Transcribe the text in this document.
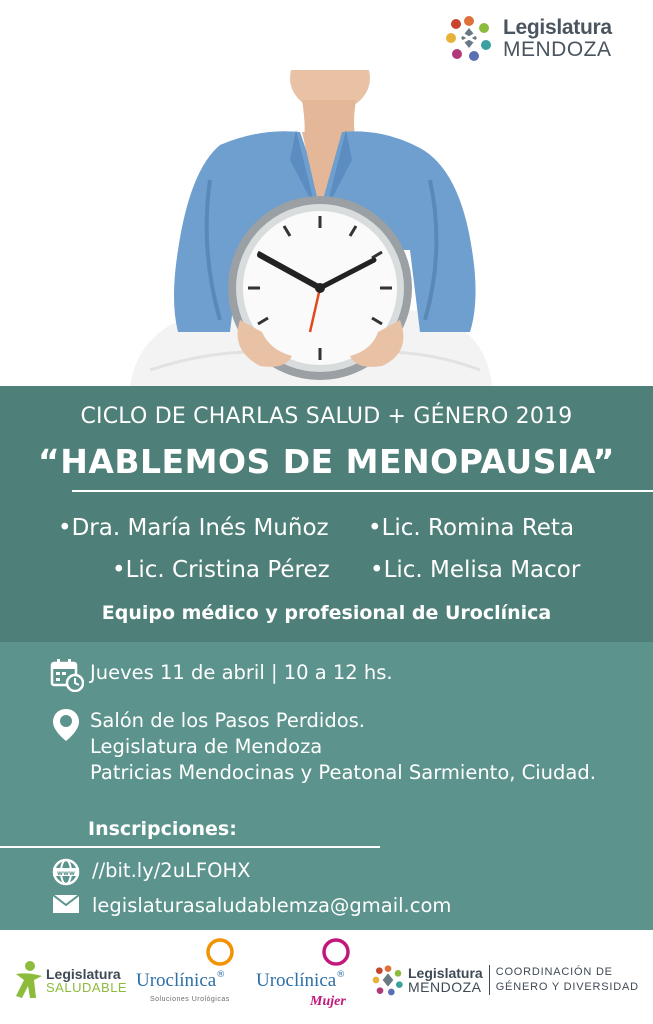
Legislatura
MENDOZA
CICLO DE CHARLAS SALUD + GÉNERO 2019
“HABLEMOS DE MENOPAUSIA”
•Dra. María Inés Muñoz •Lic. Romina Reta
•Lic. Cristina Pérez •Lic. Melisa Macor
Equipo médico y profesional de Uroclínica
Jueves 11 de abril | 10 a 12 hs.
Salón de los Pasos Perdidos.
Legislatura de Mendoza
Patricias Mendocinas y Peatonal Sarmiento, Ciudad.
Inscripciones:
www //bit.ly/2uLFOHX
legislaturasaludablemza@gmail.com
Legislatura
SALUDABLE Uroclínica®
Soluciones Urológicas
Uroclínica®
Mujer
Legislatura
MENDOZA
COORDINACIÓN DE
GÉNERO Y DIVERSIDAD
